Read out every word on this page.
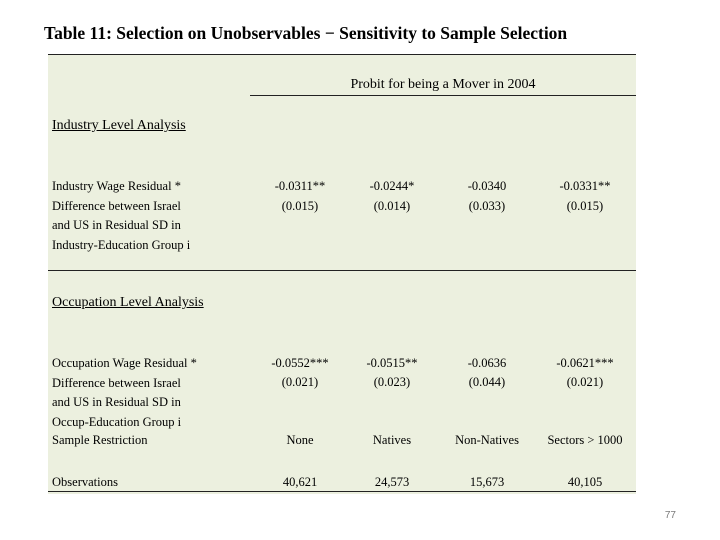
Table 11: Selection on Unobservables − Sensitivity to Sample Selection
Probit for being a Mover in 2004
Industry Level Analysis
Industry Wage Residual *
Difference between Israel
and US in Residual SD in
Industry-Education Group i
-0.0311**	-0.0244*	-0.0340	-0.0331**
(0.015)	(0.014)	(0.033)	(0.015)
Occupation Level Analysis
Occupation Wage Residual *
Difference between Israel
and US in Residual SD in
Occup-Education Group i
-0.0552***	-0.0515**	-0.0636	-0.0621***
(0.021)	(0.023)	(0.044)	(0.021)
Sample Restriction	None	Natives	Non-Natives	Sectors > 1000
Observations	40,621	24,573	15,673	40,105
77
